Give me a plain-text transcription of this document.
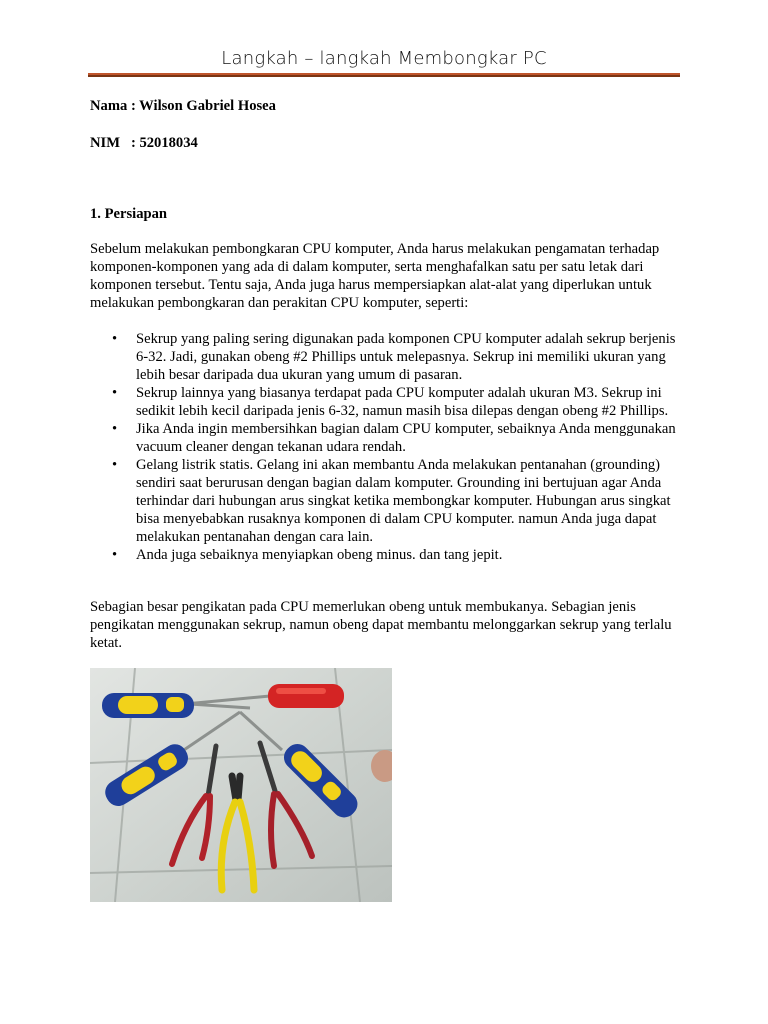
Langkah – langkah Membongkar PC
Nama : Wilson Gabriel Hosea
NIM   : 52018034
1. Persiapan

Sebelum melakukan pembongkaran CPU komputer, Anda harus melakukan pengamatan terhadap komponen-komponen yang ada di dalam komputer, serta menghafalkan satu per satu letak dari komponen tersebut. Tentu saja, Anda juga harus mempersiapkan alat-alat yang diperlukan untuk melakukan pembongkaran dan perakitan CPU komputer, seperti:

• Sekrup yang paling sering digunakan pada komponen CPU komputer adalah sekrup berjenis 6-32. Jadi, gunakan obeng #2 Phillips untuk melepasnya. Sekrup ini memiliki ukuran yang lebih besar daripada dua ukuran yang umum di pasaran.
• Sekrup lainnya yang biasanya terdapat pada CPU komputer adalah ukuran M3. Sekrup ini sedikit lebih kecil daripada jenis 6-32, namun masih bisa dilepas dengan obeng #2 Phillips.
• Jika Anda ingin membersihkan bagian dalam CPU komputer, sebaiknya Anda menggunakan vacuum cleaner dengan tekanan udara rendah.
• Gelang listrik statis. Gelang ini akan membantu Anda melakukan pentanahan (grounding) sendiri saat berurusan dengan bagian dalam komputer. Grounding ini bertujuan agar Anda terhindar dari hubungan arus singkat ketika membongkar komputer. Hubungan arus singkat bisa menyebabkan rusaknya komponen di dalam CPU komputer. namun Anda juga dapat melakukan pentanahan dengan cara lain.
• Anda juga sebaiknya menyiapkan obeng minus. dan tang jepit.

Sebagian besar pengikatan pada CPU memerlukan obeng untuk membukanya. Sebagian jenis pengikatan menggunakan sekrup, namun obeng dapat membantu melonggarkan sekrup yang terlalu ketat.
